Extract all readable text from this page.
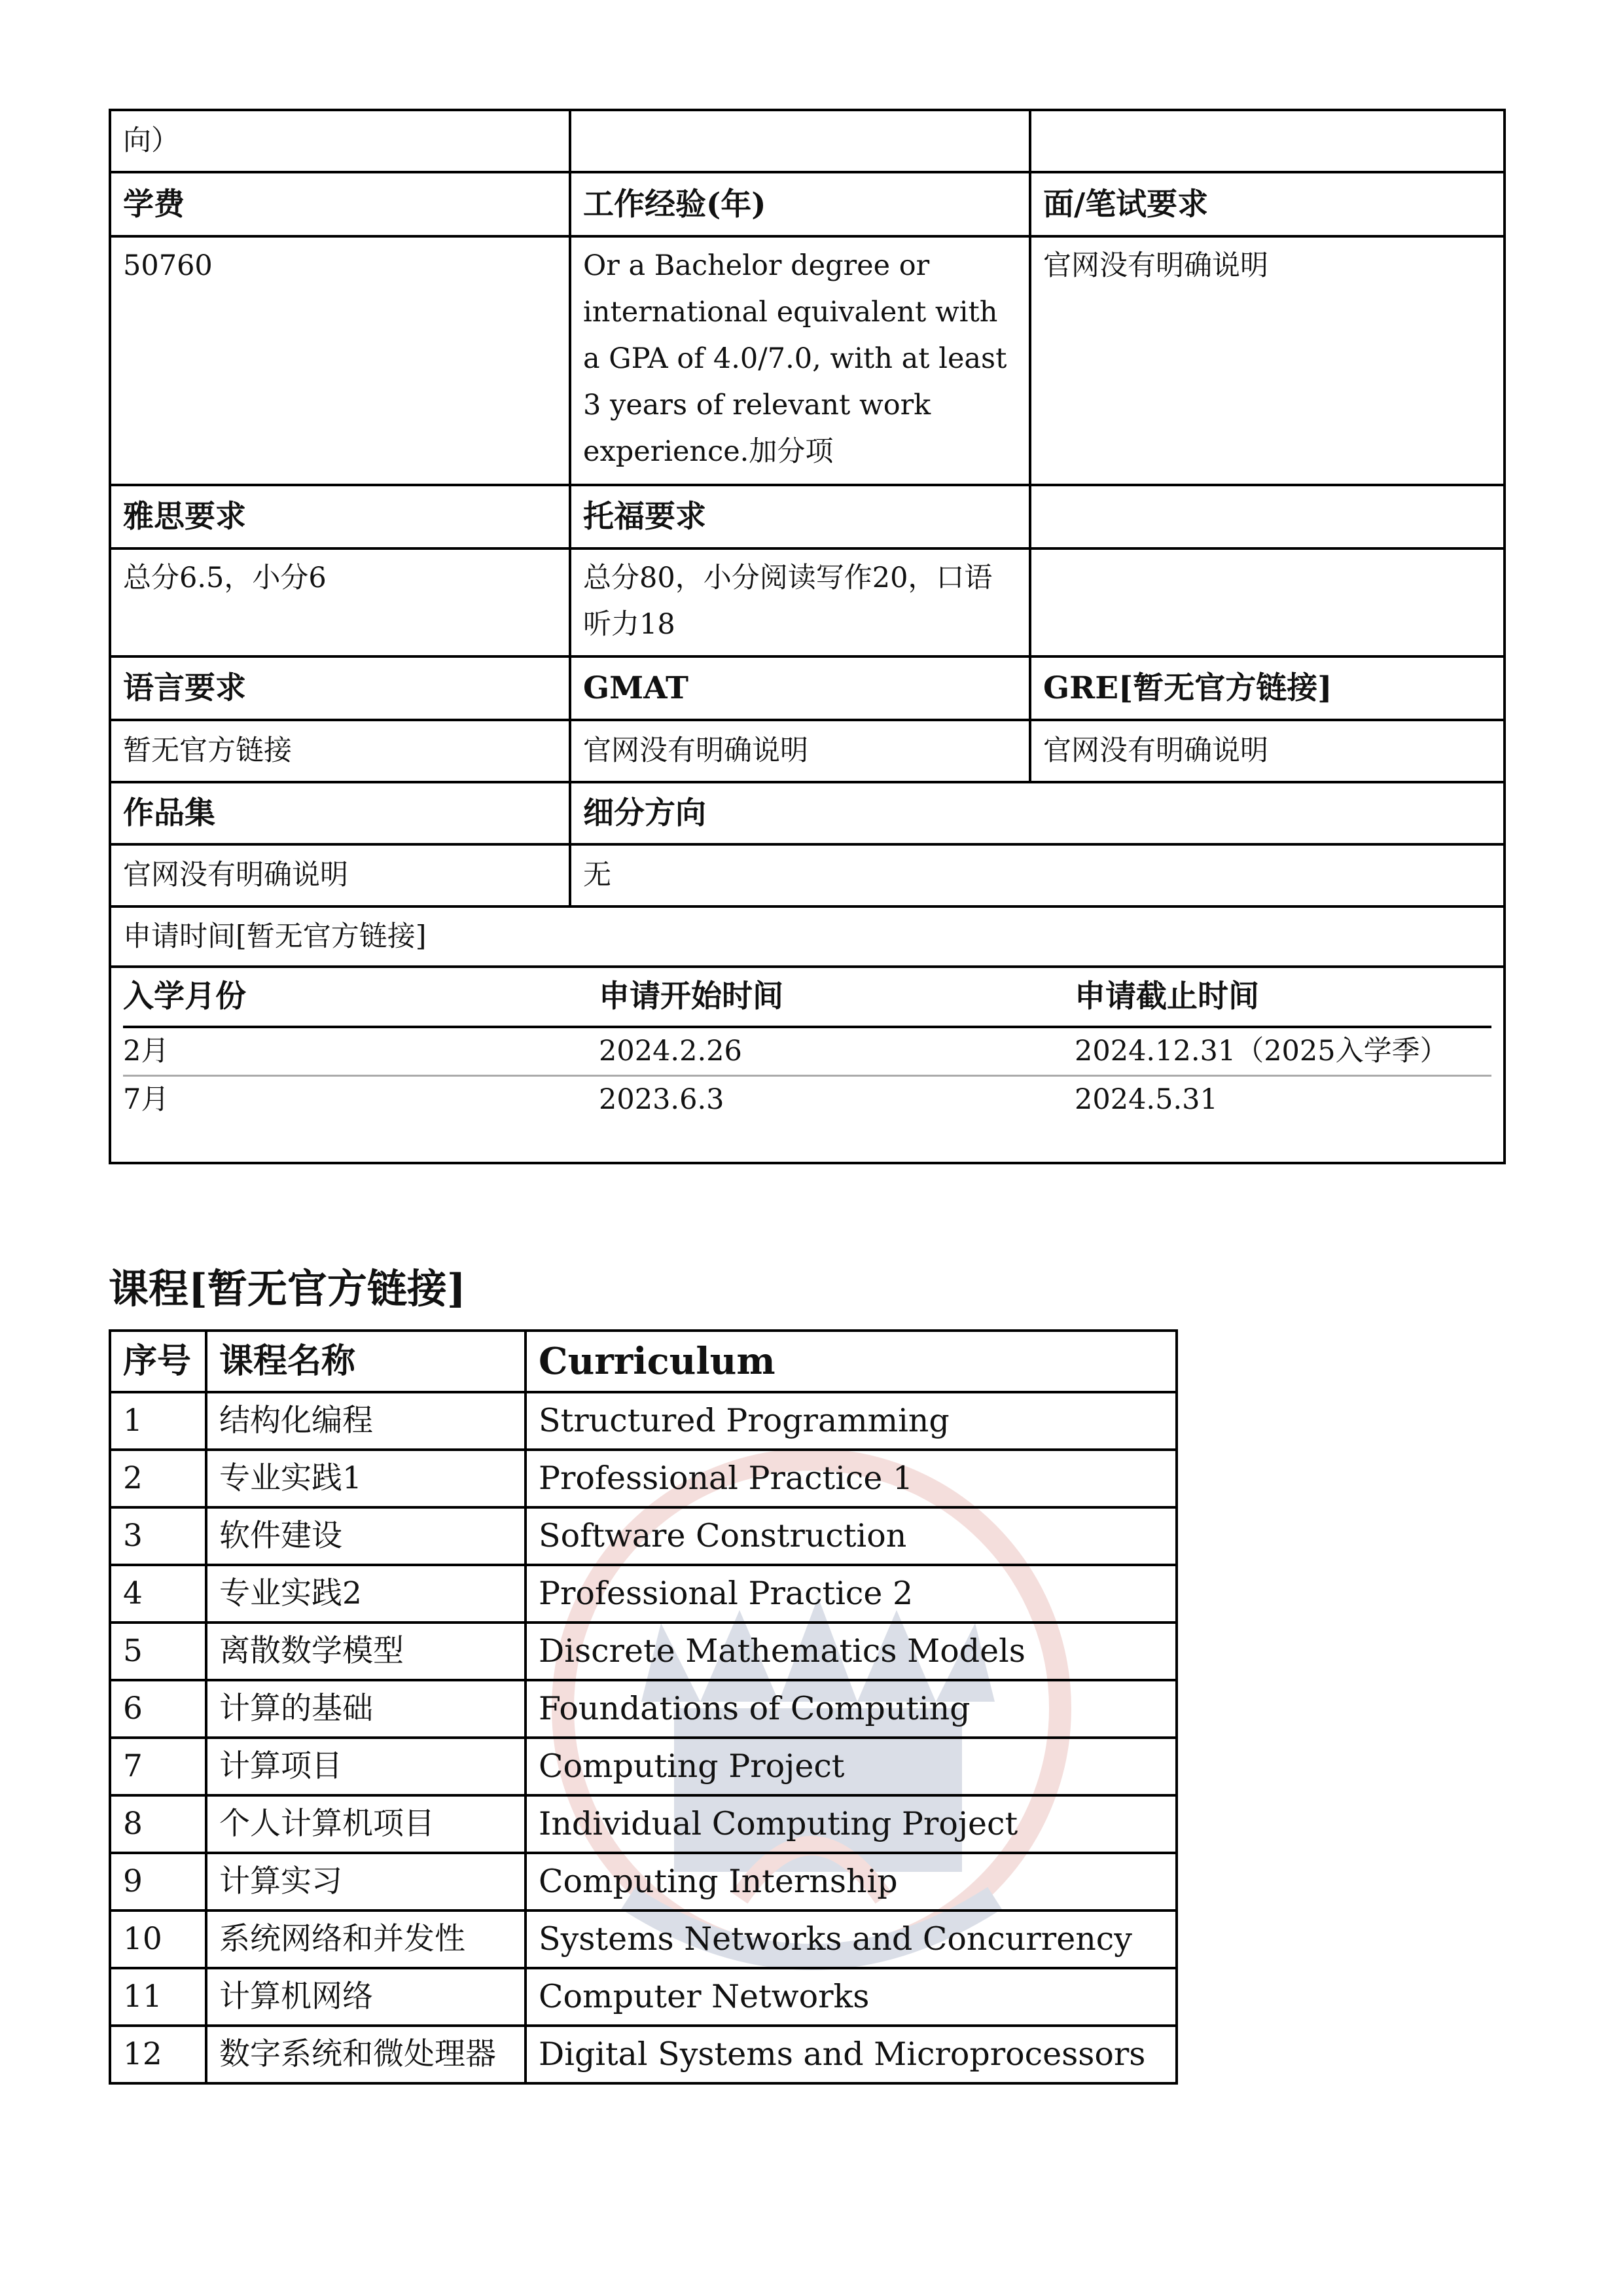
向）		
学费	工作经验(年)	面/笔试要求
50760	Or a Bachelor degree or international equivalent with a GPA of 4.0/7.0, with at least 3 years of relevant work experience.加分项	官网没有明确说明
雅思要求	托福要求	
总分6.5，小分6	总分80，小分阅读写作20，口语听力18	
语言要求	GMAT	GRE[暂无官方链接]
暂无官方链接	官网没有明确说明	官网没有明确说明
作品集	细分方向
官网没有明确说明	无
申请时间[暂无官方链接]

入学月份	申请开始时间	申请截止时间
2月	2024.2.26	2024.12.31（2025入学季）
7月	2023.6.3	2024.5.31
课程[暂无官方链接]
序号	课程名称	Curriculum
1	结构化编程	Structured Programming
2	专业实践1	Professional Practice 1
3	软件建设	Software Construction
4	专业实践2	Professional Practice 2
5	离散数学模型	Discrete Mathematics Models
6	计算的基础	Foundations of Computing
7	计算项目	Computing Project
8	个人计算机项目	Individual Computing Project
9	计算实习	Computing Internship
10	系统网络和并发性	Systems Networks and Concurrency
11	计算机网络	Computer Networks
12	数字系统和微处理器	Digital Systems and Microprocessors
